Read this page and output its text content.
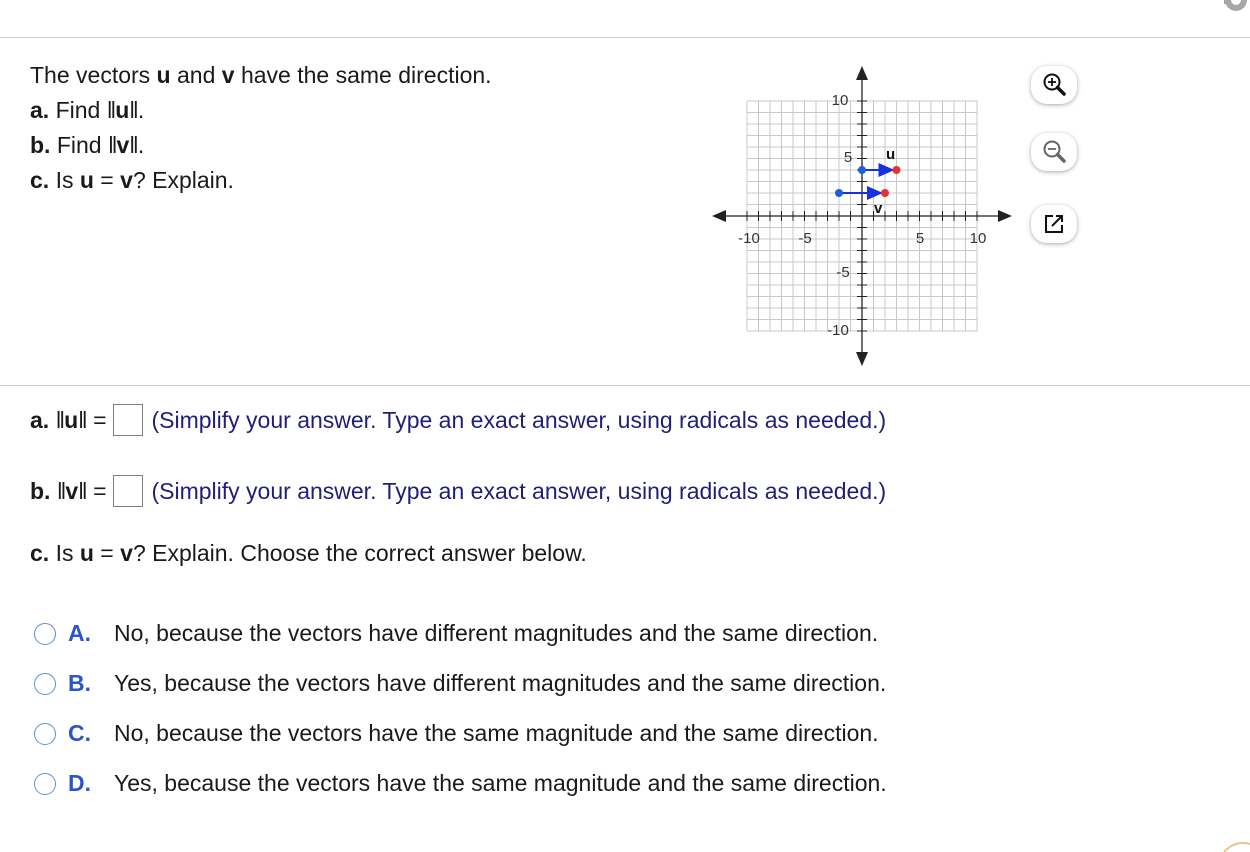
The vectors u and v have the same direction.
a. Find ‖u‖.
b. Find ‖v‖.
c. Is u = v? Explain.
-10	-5	5	10
10
5
-5
-10
u
v
a.
‖ u ‖
= (Simplify your answer. Type an exact answer, using radicals as needed.)
b.
‖ v ‖
= (Simplify your answer. Type an exact answer, using radicals as needed.)
c. Is u = v? Explain. Choose the correct answer below.
A.	No, because the vectors have different magnitudes and the same direction.
B.	Yes, because the vectors have different magnitudes and the same direction.
C.	No, because the vectors have the same magnitude and the same direction.
D.	Yes, because the vectors have the same magnitude and the same direction.
